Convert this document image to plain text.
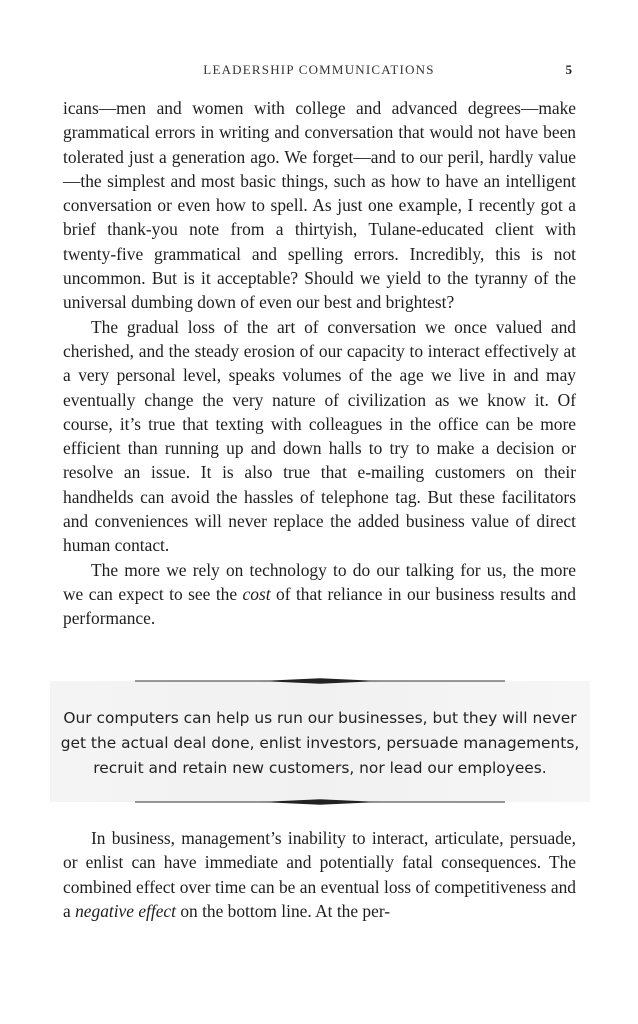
LEADERSHIP COMMUNICATIONS	5

icans—men and women with college and advanced degrees—make grammatical errors in writing and conversation that would not have been tolerated just a generation ago. We forget—and to our peril, hardly value—the simplest and most basic things, such as how to have an intelligent conversation or even how to spell. As just one example, I recently got a brief thank-you note from a thirtyish, Tulane-educated client with twenty-five grammatical and spelling errors. Incredibly, this is not uncommon. But is it acceptable? Should we yield to the tyranny of the universal dumbing down of even our best and brightest?

The gradual loss of the art of conversation we once valued and cherished, and the steady erosion of our capacity to interact effectively at a very personal level, speaks volumes of the age we live in and may eventually change the very nature of civilization as we know it. Of course, it’s true that texting with colleagues in the office can be more efficient than running up and down halls to try to make a decision or resolve an issue. It is also true that e-mailing customers on their handhelds can avoid the hassles of telephone tag. But these facilitators and conveniences will never replace the added business value of direct human contact.

The more we rely on technology to do our talking for us, the more we can expect to see the cost of that reliance in our business results and performance.

Our computers can help us run our businesses, but they will never get the actual deal done, enlist investors, persuade managements, recruit and retain new customers, nor lead our employees.

In business, management’s inability to interact, articulate, persuade, or enlist can have immediate and potentially fatal consequences. The combined effect over time can be an eventual loss of competitiveness and a negative effect on the bottom line. At the per-
